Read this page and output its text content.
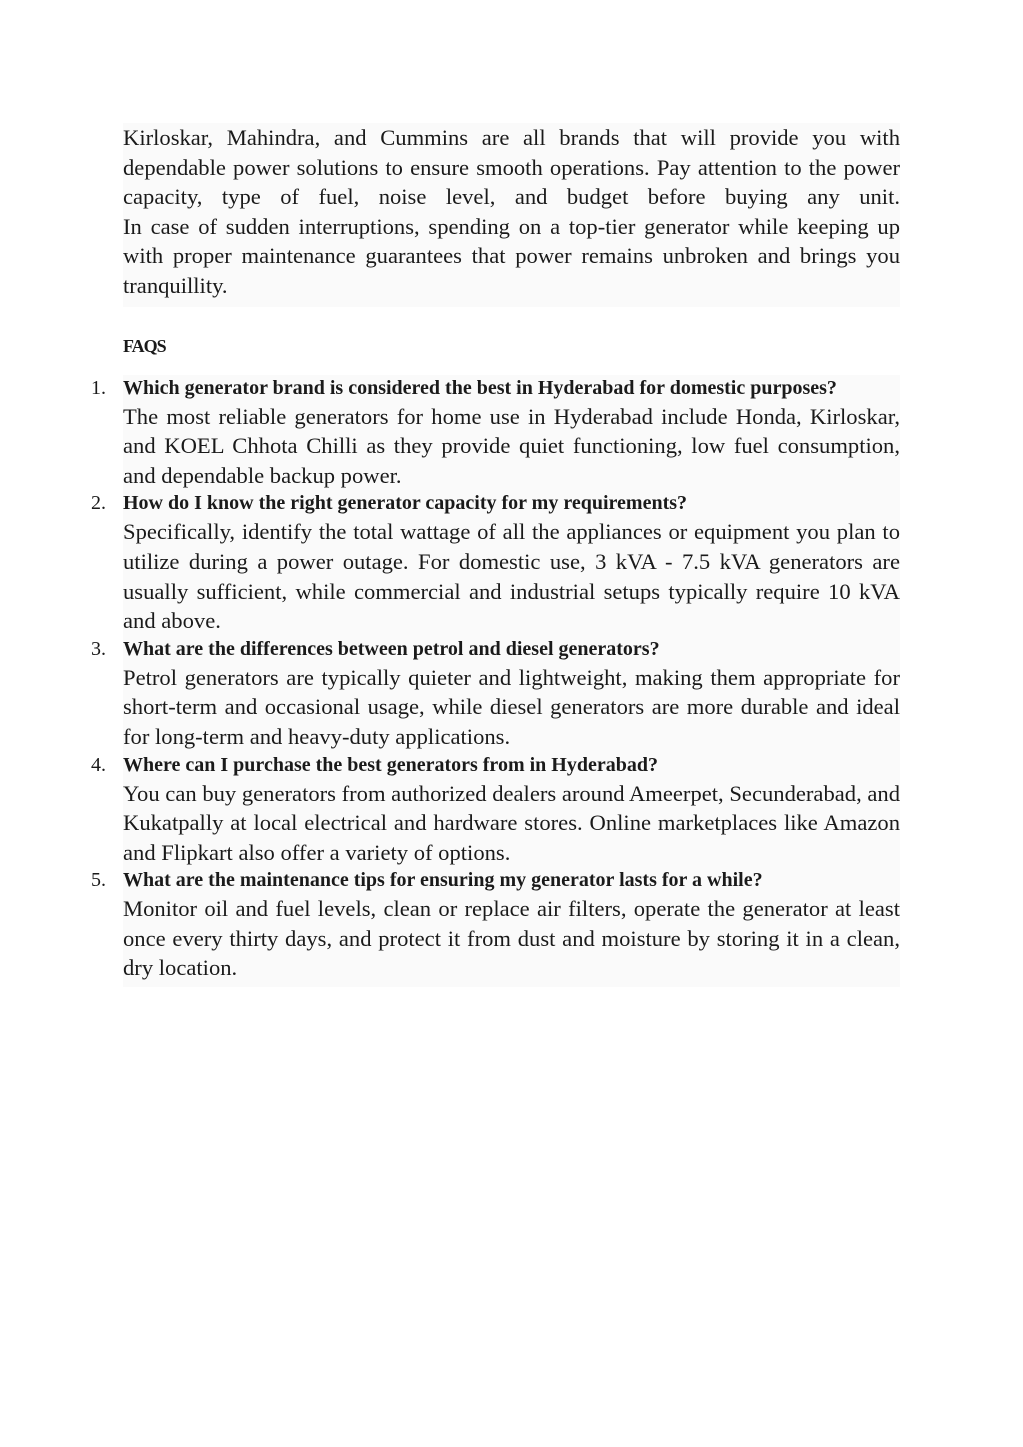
Kirloskar, Mahindra, and Cummins are all brands that will provide you with dependable power solutions to ensure smooth operations. Pay attention to the power capacity, type of fuel, noise level, and budget before buying any unit.

In case of sudden interruptions, spending on a top-tier generator while keeping up with proper maintenance guarantees that power remains unbroken and brings you tranquillity.

FAQS
1. Which generator brand is considered the best in Hyderabad for domestic purposes?

The most reliable generators for home use in Hyderabad include Honda, Kirloskar, and KOEL Chhota Chilli as they provide quiet functioning, low fuel consumption, and dependable backup power.

2. How do I know the right generator capacity for my requirements?

Specifically, identify the total wattage of all the appliances or equipment you plan to utilize during a power outage. For domestic use, 3 kVA - 7.5 kVA generators are usually sufficient, while commercial and industrial setups typically require 10 kVA and above.

3. What are the differences between petrol and diesel generators?

Petrol generators are typically quieter and lightweight, making them appropriate for short-term and occasional usage, while diesel generators are more durable and ideal for long-term and heavy-duty applications.

4. Where can I purchase the best generators from in Hyderabad?

You can buy generators from authorized dealers around Ameerpet, Secunderabad, and Kukatpally at local electrical and hardware stores. Online marketplaces like Amazon and Flipkart also offer a variety of options.

5. What are the maintenance tips for ensuring my generator lasts for a while?

Monitor oil and fuel levels, clean or replace air filters, operate the generator at least once every thirty days, and protect it from dust and moisture by storing it in a clean, dry location.
